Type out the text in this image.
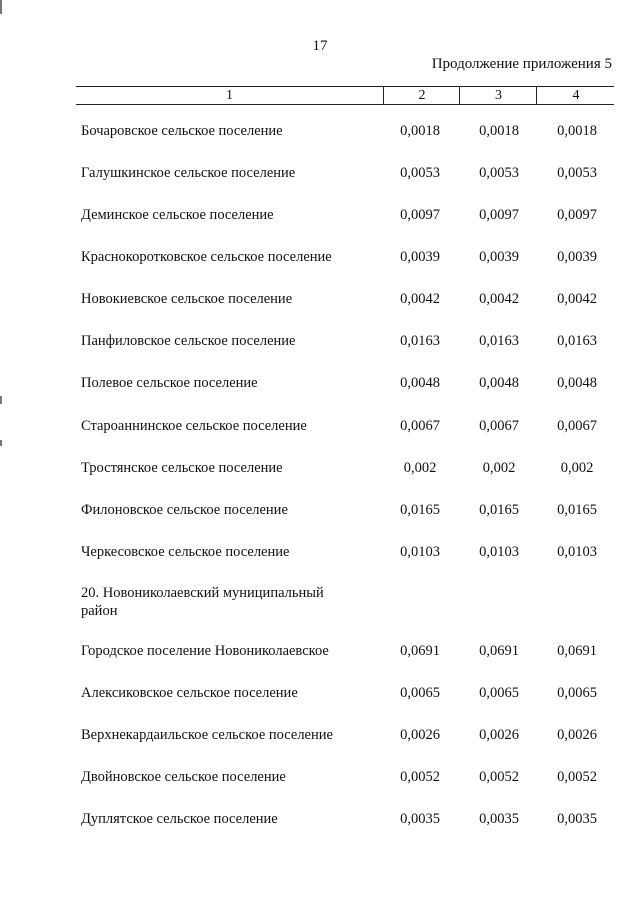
17
Продолжение приложения 5
1	2	3	4
Бочаровское сельское поселение	0,0018	0,0018	0,0018
Галушкинское сельское поселение	0,0053	0,0053	0,0053
Деминское сельское поселение	0,0097	0,0097	0,0097
Краснокоротковское сельское поселение	0,0039	0,0039	0,0039
Новокиевское сельское поселение	0,0042	0,0042	0,0042
Панфиловское сельское поселение	0,0163	0,0163	0,0163
Полевое сельское поселение	0,0048	0,0048	0,0048
Староаннинское сельское поселение	0,0067	0,0067	0,0067
Тростянское сельское поселение	0,002	0,002	0,002
Филоновское сельское поселение	0,0165	0,0165	0,0165
Черкесовское сельское поселение	0,0103	0,0103	0,0103
20. Новониколаевский муниципальный район
Городское поселение Новониколаевское	0,0691	0,0691	0,0691
Алексиковское сельское поселение	0,0065	0,0065	0,0065
Верхнекардаильское сельское поселение	0,0026	0,0026	0,0026
Двойновское сельское поселение	0,0052	0,0052	0,0052
Дуплятское сельское поселение	0,0035	0,0035	0,0035
